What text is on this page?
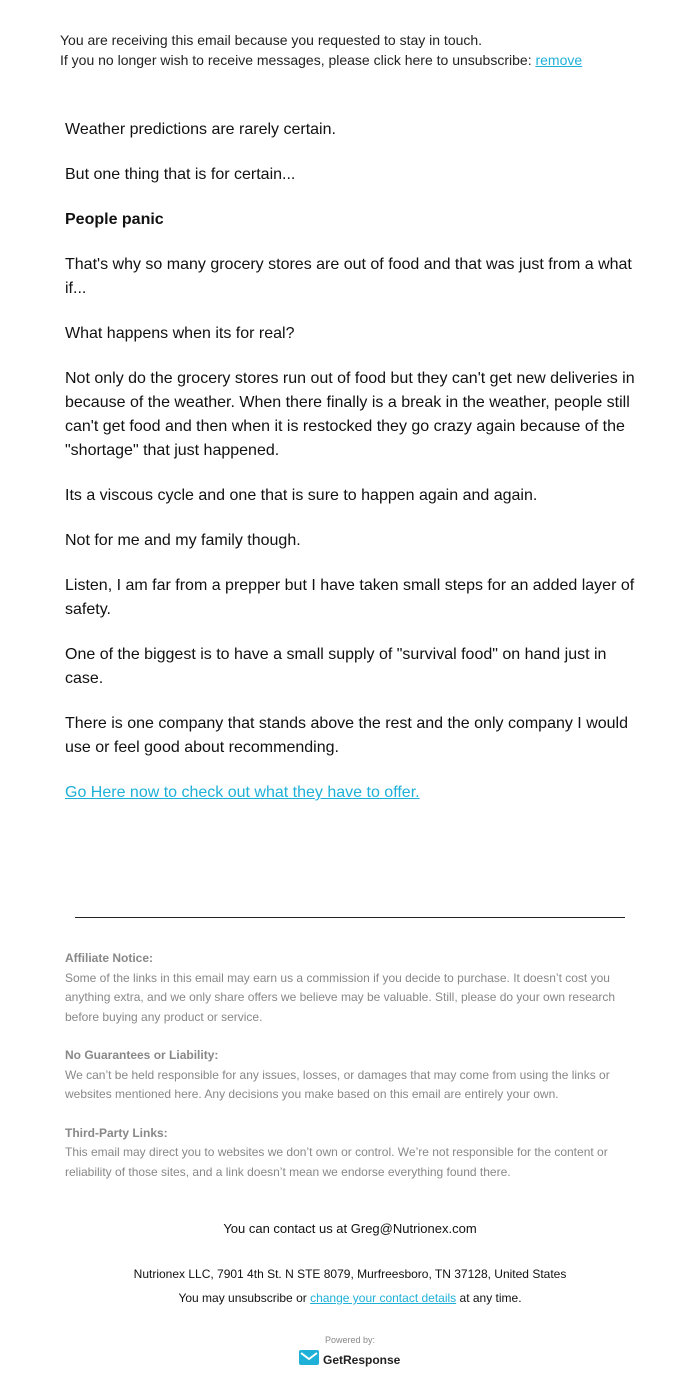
You are receiving this email because you requested to stay in touch.
If you no longer wish to receive messages, please click here to unsubscribe: remove

Weather predictions are rarely certain.

But one thing that is for certain...

People panic

That's why so many grocery stores are out of food and that was just from a what if...

What happens when its for real?

Not only do the grocery stores run out of food but they can't get new deliveries in because of the weather. When there finally is a break in the weather, people still can't get food and then when it is restocked they go crazy again because of the "shortage" that just happened.

Its a viscous cycle and one that is sure to happen again and again.

Not for me and my family though.

Listen, I am far from a prepper but I have taken small steps for an added layer of safety.

One of the biggest is to have a small supply of "survival food" on hand just in case.

There is one company that stands above the rest and the only company I would use or feel good about recommending.

Go Here now to check out what they have to offer.

Affiliate Notice:
Some of the links in this email may earn us a commission if you decide to purchase. It doesn’t cost you anything extra, and we only share offers we believe may be valuable. Still, please do your own research before buying any product or service.
No Guarantees or Liability:
We can’t be held responsible for any issues, losses, or damages that may come from using the links or websites mentioned here. Any decisions you make based on this email are entirely your own.
Third-Party Links:
This email may direct you to websites we don’t own or control. We’re not responsible for the content or reliability of those sites, and a link doesn’t mean we endorse everything found there.
You can contact us at Greg@Nutrionex.com
Nutrionex LLC, 7901 4th St. N STE 8079, Murfreesboro, TN 37128, United States
You may unsubscribe or change your contact details at any time.
Powered by:
GetResponse
